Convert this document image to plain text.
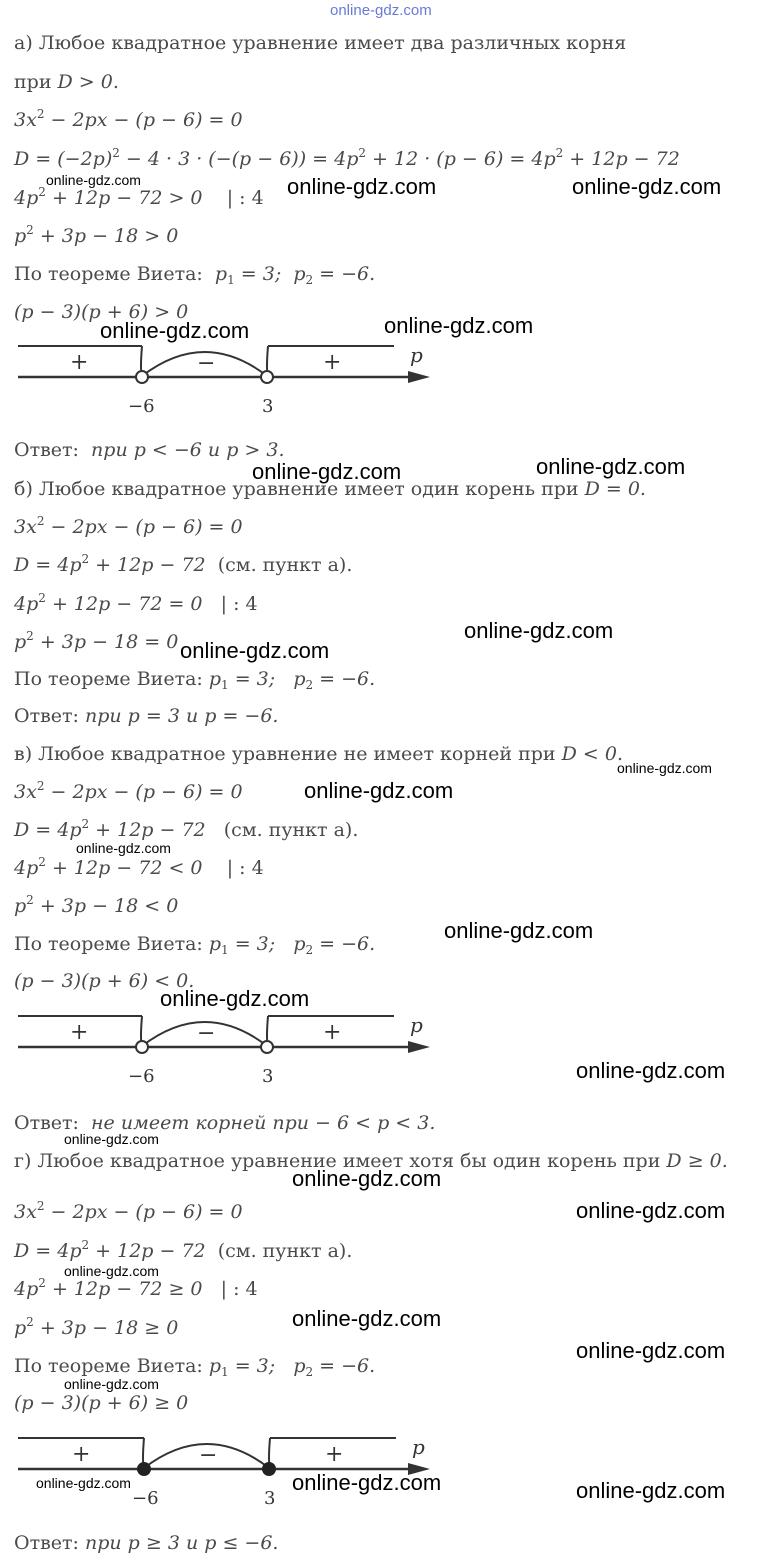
online-gdz.com
а) Любое квадратное уравнение имеет два различных корня
при D > 0.
$3x^2 - 2px - (p - 6) = 0$
$D = (-2p)^2 - 4 \cdot 3 \cdot (-(p - 6)) = 4p^2 + 12 \cdot (p - 6) = 4p^2 + 12p - 72$
$4p^2 + 12p - 72 > 0$ | : 4
$p^2 + 3p - 18 > 0$
По теореме Виета: $p_1 = 3$; $p_2 = -6$.
(p − 3)(p + 6) > 0
+	−	+	p
−6	3
Ответ: при p < −6 и p > 3.
б) Любое квадратное уравнение имеет один корень при D = 0.
$3x^2 - 2px - (p - 6) = 0$
$D = 4p^2 + 12p - 72$ (см. пункт а).
$4p^2 + 12p - 72 = 0$ | : 4
$p^2 + 3p - 18 = 0$
По теореме Виета: $p_1 = 3$; $p_2 = -6$.
Ответ: при p = 3 и p = −6.
в) Любое квадратное уравнение не имеет корней при D < 0.
$3x^2 - 2px - (p - 6) = 0$
$D = 4p^2 + 12p - 72$ (см. пункт а).
$4p^2 + 12p - 72 < 0$ | : 4
$p^2 + 3p - 18 < 0$
По теореме Виета: $p_1 = 3$; $p_2 = -6$.
(p − 3)(p + 6) < 0.
+	−	+	p
−6	3
Ответ: не имеет корней при − 6 < p < 3.
г) Любое квадратное уравнение имеет хотя бы один корень при D ≥ 0.
$3x^2 - 2px - (p - 6) = 0$
$D = 4p^2 + 12p - 72$ (см. пункт а).
$4p^2 + 12p - 72 \ge 0$ | : 4
$p^2 + 3p - 18 \ge 0$
По теореме Виета: $p_1 = 3$; $p_2 = -6$.
(p − 3)(p + 6) ≥ 0
+	−	+	p
−6	3
Ответ: при p ≥ 3 и p ≤ −6.
online-gdz.com	online-gdz.com	online-gdz.com
online-gdz.com	online-gdz.com
online-gdz.com	online-gdz.com
online-gdz.com
online-gdz.com
online-gdz.com
online-gdz.com
online-gdz.com
online-gdz.com
online-gdz.com
online-gdz.com
online-gdz.com
online-gdz.com
online-gdz.com
online-gdz.com
online-gdz.com
online-gdz.com
online-gdz.com
online-gdz.com	online-gdz.com	online-gdz.com
